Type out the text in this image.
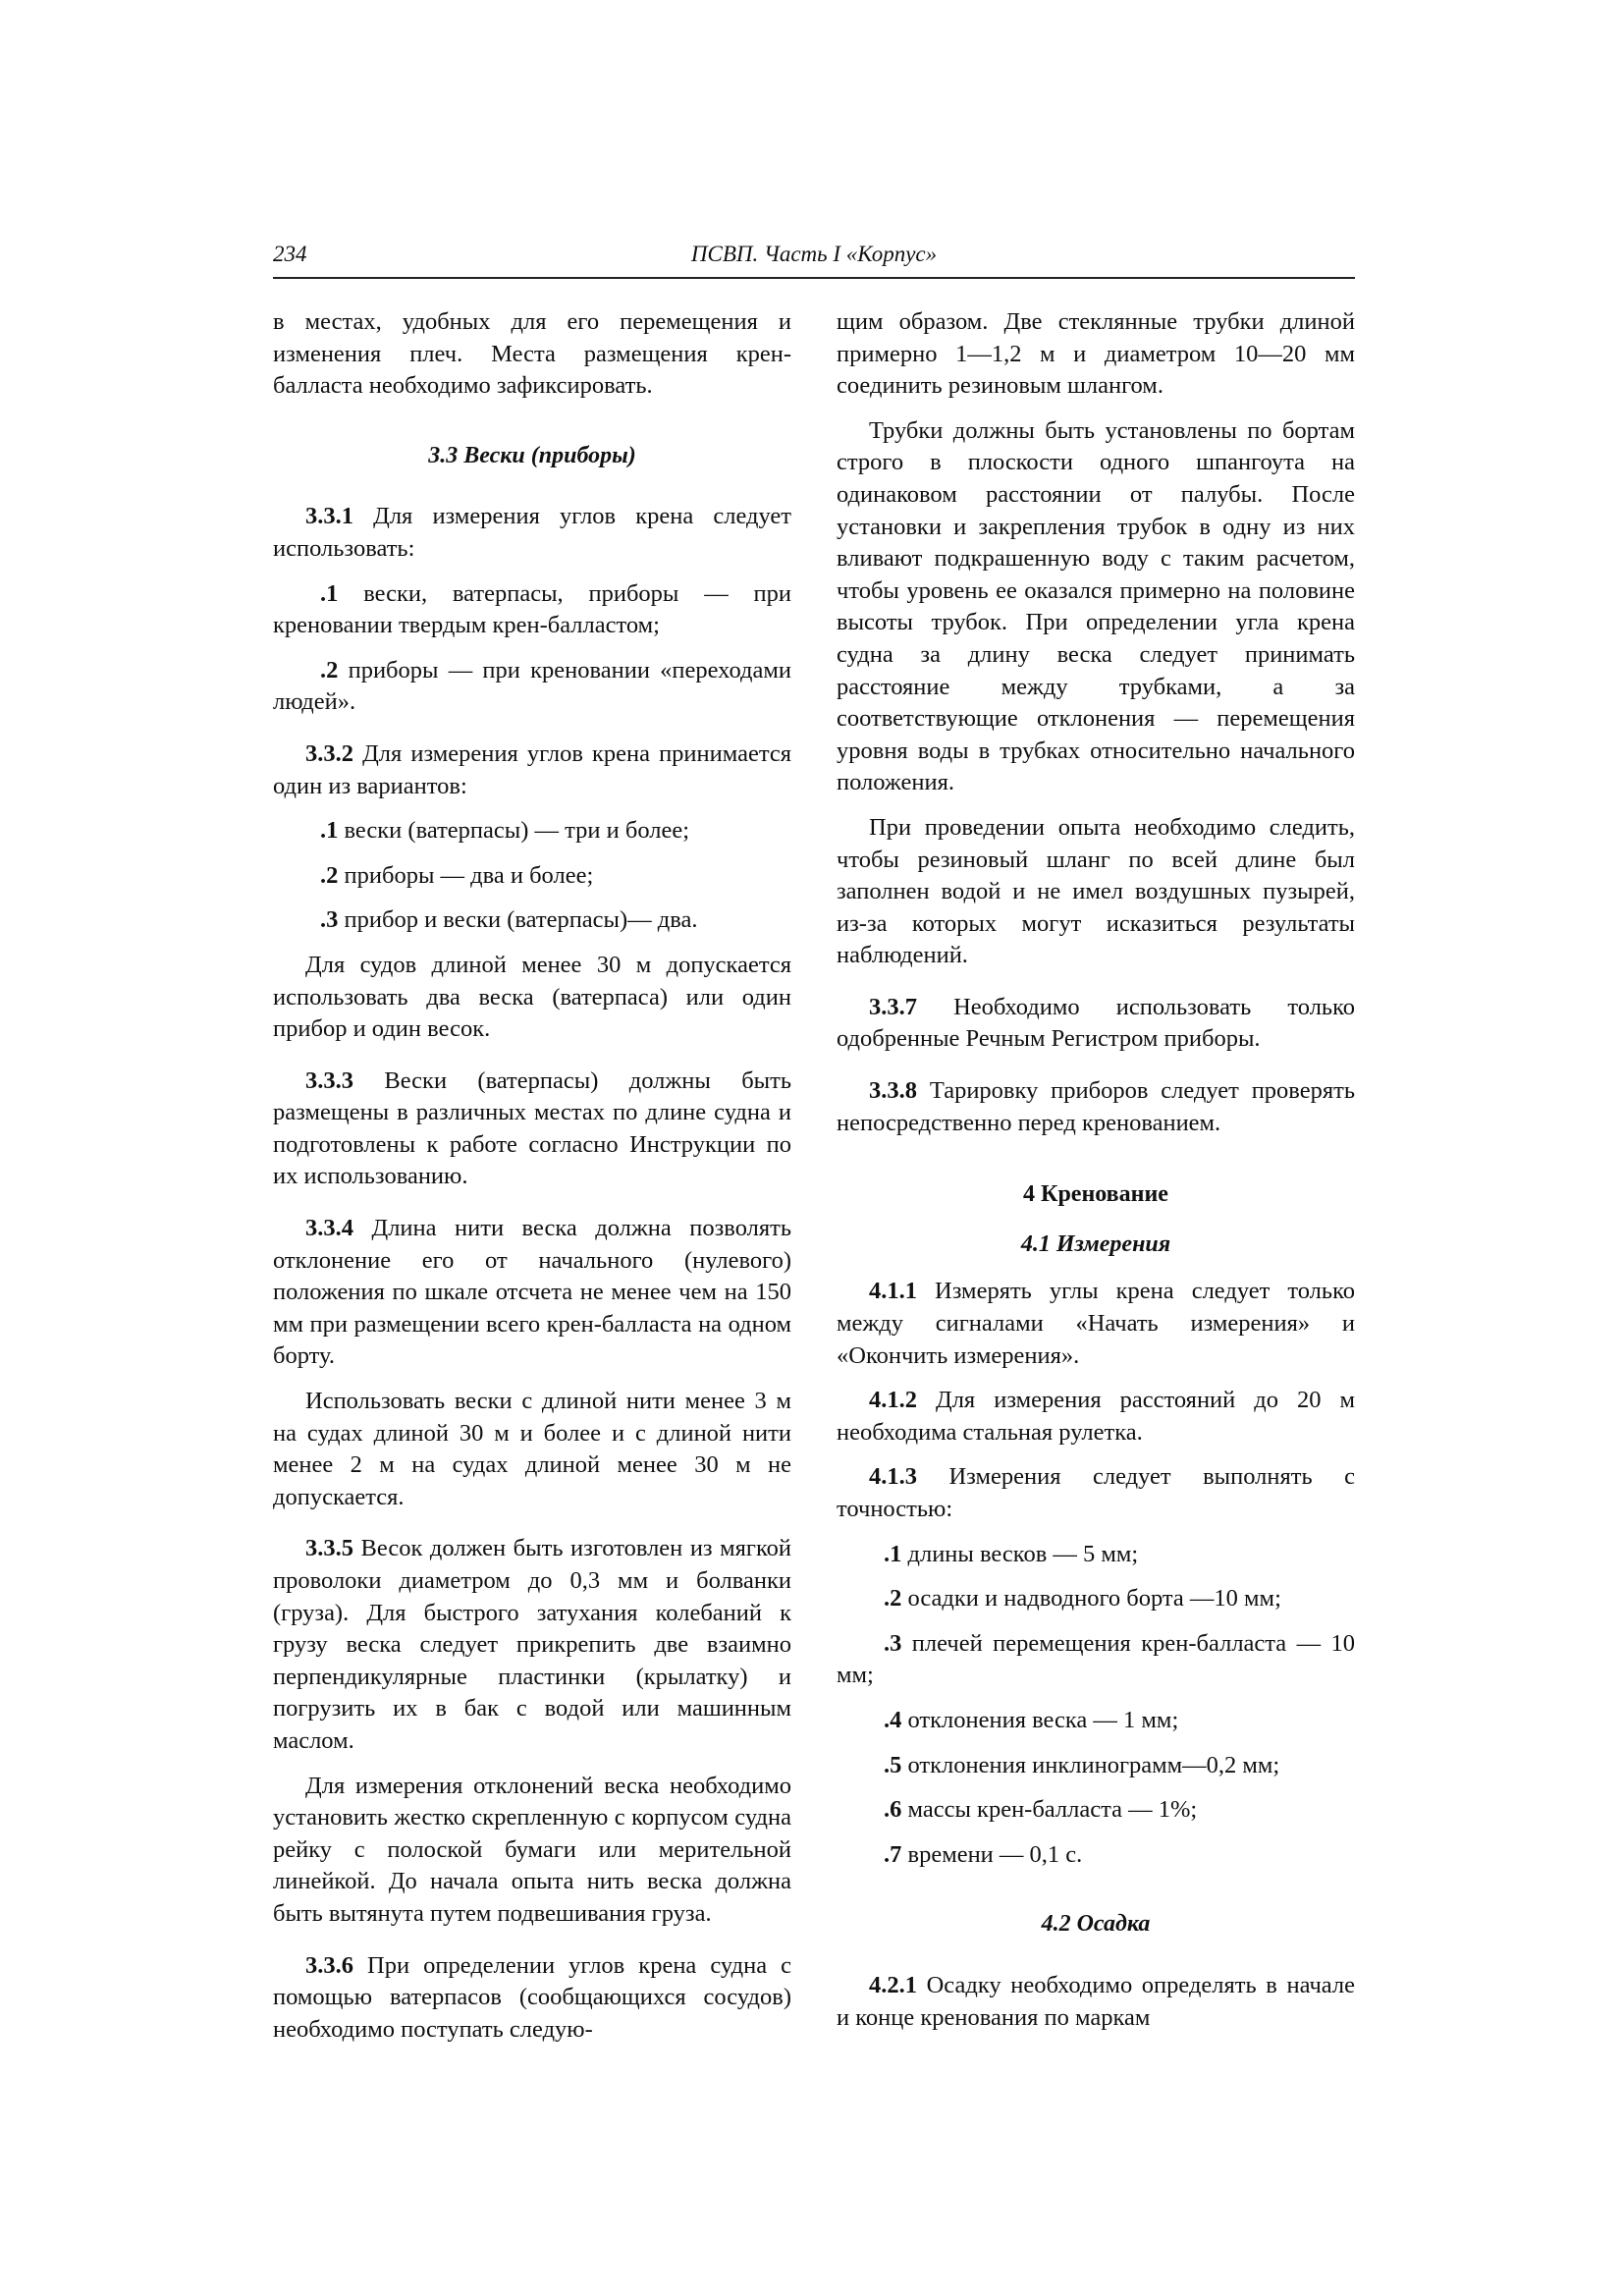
234	ПСВП. Часть I «Корпус»

в местах, удобных для его перемещения и изменения плеч. Места размещения крен-балласта необходимо зафиксировать.

3.3 Вески (приборы)

3.3.1 Для измерения углов крена следует использовать:

.1 вески, ватерпасы, приборы — при креновании твердым крен-балластом;

.2 приборы — при креновании «переходами людей».

3.3.2 Для измерения углов крена принимается один из вариантов:

.1 вески (ватерпасы) — три и более;

.2 приборы — два и более;

.3 прибор и вески (ватерпасы)— два.

Для судов длиной менее 30 м допускается использовать два веска (ватерпаса) или один прибор и один весок.

3.3.3 Вески (ватерпасы) должны быть размещены в различных местах по длине судна и подготовлены к работе согласно Инструкции по их использованию.

3.3.4 Длина нити веска должна позволять отклонение его от начального (нулевого) положения по шкале отсчета не менее чем на 150 мм при размещении всего крен-балласта на одном борту.

Использовать вески с длиной нити менее 3 м на судах длиной 30 м и более и с длиной нити менее 2 м на судах длиной менее 30 м не допускается.

3.3.5 Весок должен быть изготовлен из мягкой проволоки диаметром до 0,3 мм и болванки (груза). Для быстрого затухания колебаний к грузу веска следует прикрепить две взаимно перпендикулярные пластинки (крылатку) и погрузить их в бак с водой или машинным маслом.

Для измерения отклонений веска необходимо установить жестко скрепленную с корпусом судна рейку с полоской бумаги или мерительной линейкой. До начала опыта нить веска должна быть вытянута путем подвешивания груза.

3.3.6 При определении углов крена судна с помощью ватерпасов (сообщающихся сосудов) необходимо поступать следую-

щим образом. Две стеклянные трубки длиной примерно 1—1,2 м и диаметром 10—20 мм соединить резиновым шлангом.

Трубки должны быть установлены по бортам строго в плоскости одного шпангоута на одинаковом расстоянии от палубы. После установки и закрепления трубок в одну из них вливают подкрашенную воду с таким расчетом, чтобы уровень ее оказался примерно на половине высоты трубок. При определении угла крена судна за длину веска следует принимать расстояние между трубками, а за соответствующие отклонения — перемещения уровня воды в трубках относительно начального положения.

При проведении опыта необходимо следить, чтобы резиновый шланг по всей длине был заполнен водой и не имел воздушных пузырей, из-за которых могут исказиться результаты наблюдений.

3.3.7 Необходимо использовать только одобренные Речным Регистром приборы.

3.3.8 Тарировку приборов следует проверять непосредственно перед кренованием.

4 Кренование
4.1 Измерения

4.1.1 Измерять углы крена следует только между сигналами «Начать измерения» и «Окончить измерения».

4.1.2 Для измерения расстояний до 20 м необходима стальная рулетка.

4.1.3 Измерения следует выполнять с точностью:

.1 длины весков — 5 мм;

.2 осадки и надводного борта —10 мм;

.3 плечей перемещения крен-балласта — 10 мм;

.4 отклонения веска — 1 мм;

.5 отклонения инклинограмм—0,2 мм;

.6 массы крен-балласта — 1%;

.7 времени — 0,1 с.

4.2 Осадка

4.2.1 Осадку необходимо определять в начале и конце кренования по маркам
